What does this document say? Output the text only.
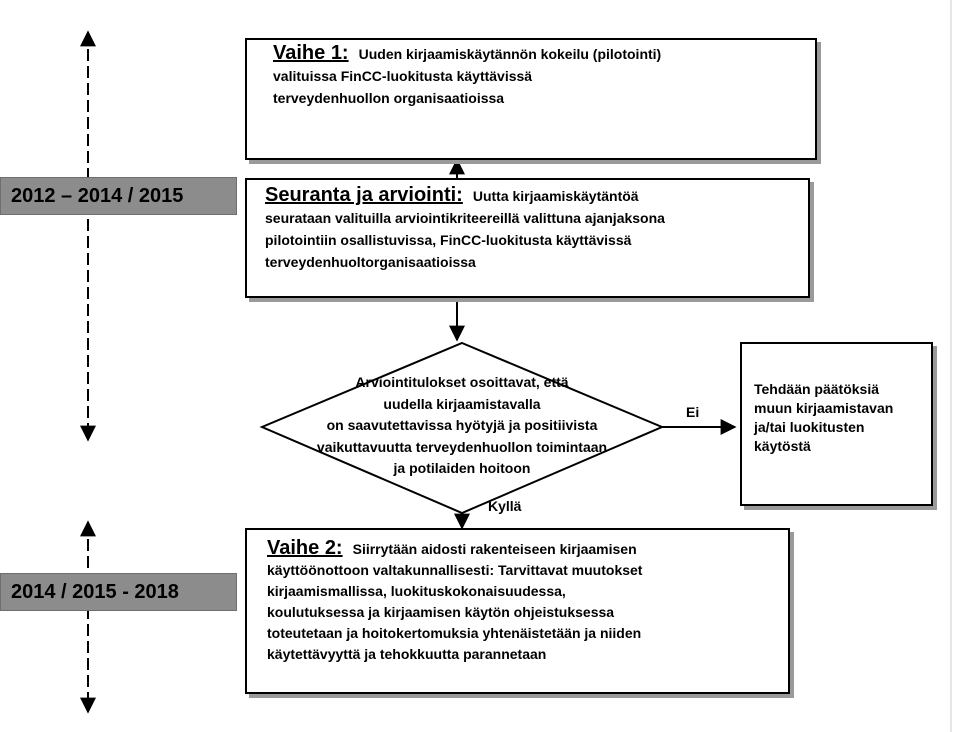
2012 – 2014 / 2015
2014 / 2015 - 2018
Vaihe 1: Uuden kirjaamiskäytännön kokeilu (pilotointi)
valituissa FinCC-luokitusta käyttävissä
terveydenhuollon organisaatioissa
Seuranta ja arviointi: Uutta kirjaamiskäytäntöä
seurataan valituilla arviointikriteereillä valittuna ajanjaksona
pilotointiin osallistuvissa, FinCC-luokitusta käyttävissä
terveydenhuoltorganisaatioissa
Arviointitulokset osoittavat, että
uudella kirjaamistavalla
on saavutettavissa hyötyjä ja positiivista
vaikuttavuutta terveydenhuollon toimintaan
ja potilaiden hoitoon
Ei
Kyllä
Tehdään päätöksiä
muun kirjaamistavan
ja/tai luokitusten
käytöstä
Vaihe 2: Siirrytään aidosti rakenteiseen kirjaamisen
käyttöönottoon valtakunnallisesti: Tarvittavat muutokset
kirjaamismallissa, luokituskokonaisuudessa,
koulutuksessa ja kirjaamisen käytön ohjeistuksessa
toteutetaan ja hoitokertomuksia yhtenäistetään ja niiden
käytettävyyttä ja tehokkuutta parannetaan
